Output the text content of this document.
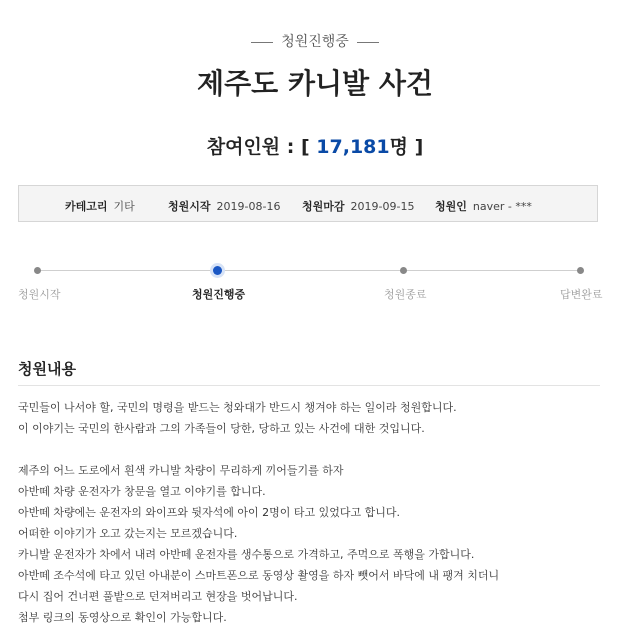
청원진행중
제주도 카니발 사건
참여인원 : [ 17,181명 ]
카테고리 기타	청원시작 2019-08-16 청원마감 2019-09-15 청원인 naver - ***
청원시작	청원진행중	청원종료	답변완료
청원내용

국민들이 나서야 할, 국민의 명령을 받드는 청와대가 반드시 챙겨야 하는 일이라 청원합니다.

이 이야기는 국민의 한사람과 그의 가족들이 당한, 당하고 있는 사건에 대한 것입니다.

제주의 어느 도로에서 흰색 카니발 차량이 무리하게 끼어들기를 하자

아반떼 차량 운전자가 창문을 열고 이야기를 합니다.

아반떼 차량에는 운전자의 와이프와 뒷자석에 아이 2명이 타고 있었다고 합니다.

어떠한 이야기가 오고 갔는지는 모르겠습니다.

카니발 운전자가 차에서 내려 아반떼 운전자를 생수통으로 가격하고, 주먹으로 폭행을 가합니다.

아반떼 조수석에 타고 있던 아내분이 스마트폰으로 동영상 촬영을 하자 뺏어서 바닥에 내 팽겨 치더니

다시 집어 건너편 풀밭으로 던져버리고 현장을 벗어납니다.

첨부 링크의 동영상으로 확인이 가능합니다.
